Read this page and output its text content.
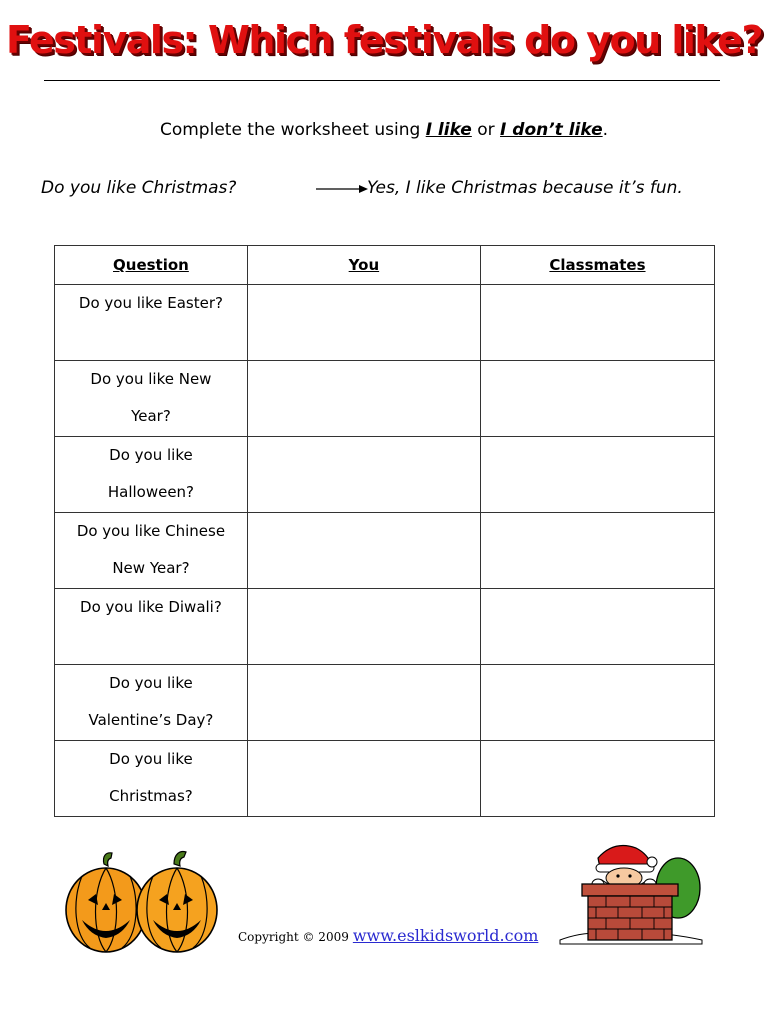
Festivals: Which festivals do you like?
Complete the worksheet using I like or I don’t like.
Do you like Christmas?	Yes, I like Christmas because it’s fun.
Question	You	Classmates

Do you like Easter?		

Do you like New
Year?		

Do you like
Halloween?		

Do you like Chinese
New Year?		

Do you like Diwali?		

Do you like
Valentine’s Day?		

Do you like
Christmas?		

Copyright © 2009 www.eslkidsworld.com
